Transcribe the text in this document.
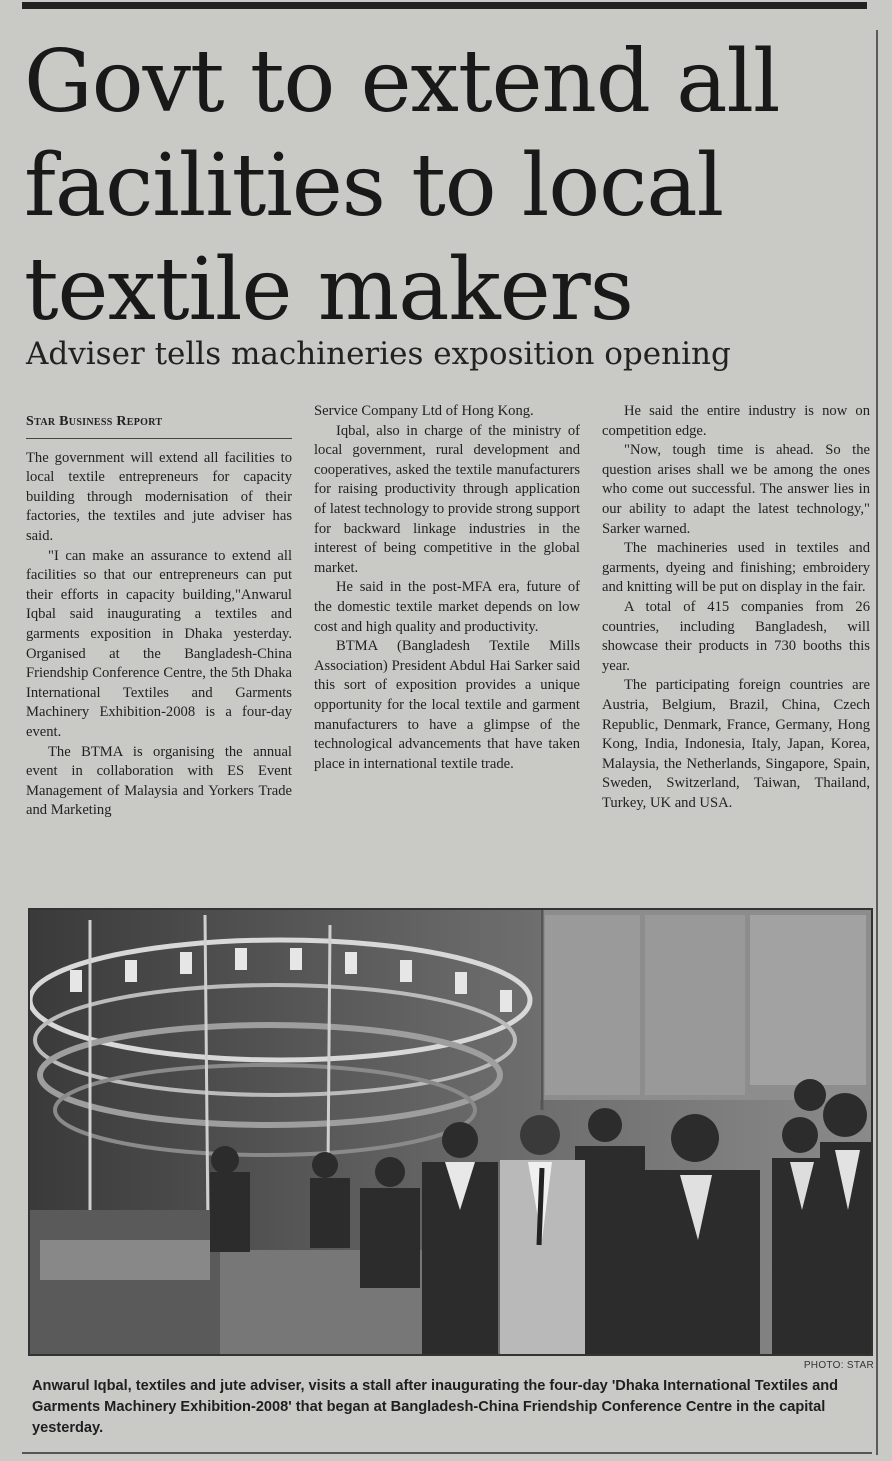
Govt to extend all
facilities to local
textile makers
Adviser tells machineries exposition opening
Star Business Report

The government will extend all facilities to local textile entrepreneurs for capacity building through modernisation of their factories, the textiles and jute adviser has said.

"I can make an assurance to extend all facilities so that our entrepreneurs can put their efforts in capacity building,"Anwarul Iqbal said inaugurating a textiles and garments exposition in Dhaka yesterday. Organised at the Bangladesh-China Friendship Conference Centre, the 5th Dhaka International Textiles and Garments Machinery Exhibition-2008 is a four-day event.

The BTMA is organising the annual event in collaboration with ES Event Management of Malaysia and Yorkers Trade and Marketing

Service Company Ltd of Hong Kong.

Iqbal, also in charge of the ministry of local government, rural development and cooperatives, asked the textile manufacturers for raising productivity through application of latest technology to provide strong support for backward linkage industries in the interest of being competitive in the global market.

He said in the post-MFA era, future of the domestic textile market depends on low cost and high quality and productivity.

BTMA (Bangladesh Textile Mills Association) President Abdul Hai Sarker said this sort of exposition provides a unique opportunity for the local textile and garment manufacturers to have a glimpse of the technological advancements that have taken place in international textile trade.

He said the entire industry is now on competition edge.

"Now, tough time is ahead. So the question arises shall we be among the ones who come out successful. The answer lies in our ability to adapt the latest technology," Sarker warned.

The machineries used in textiles and garments, dyeing and finishing; embroidery and knitting will be put on display in the fair.

A total of 415 companies from 26 countries, including Bangladesh, will showcase their products in 730 booths this year.

The participating foreign countries are Austria, Belgium, Brazil, China, Czech Republic, Denmark, France, Germany, Hong Kong, India, Indonesia, Italy, Japan, Korea, Malaysia, the Netherlands, Singapore, Spain, Sweden, Switzerland, Taiwan, Thailand, Turkey, UK and USA.

PHOTO: STAR

Anwarul Iqbal, textiles and jute adviser, visits a stall after inaugurating the four-day 'Dhaka International Textiles and Garments Machinery Exhibition-2008' that began at Bangladesh-China Friendship Conference Centre in the capital yesterday.
